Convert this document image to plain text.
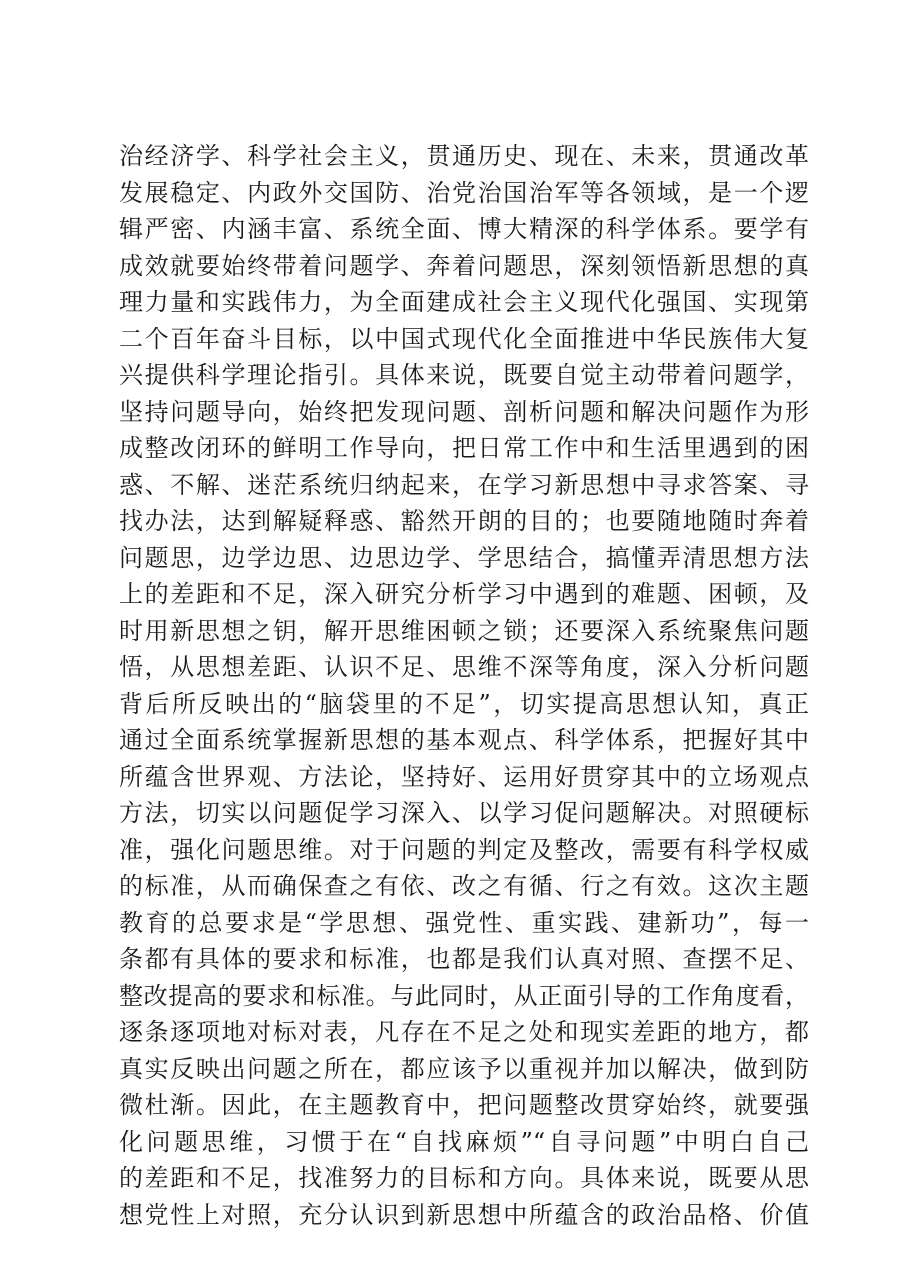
治经济学、科学社会主义，贯通历史、现在、未来，贯通改革
发展稳定、内政外交国防、治党治国治军等各领域，是一个逻
辑严密、内涵丰富、系统全面、博大精深的科学体系。要学有
成效就要始终带着问题学、奔着问题思，深刻领悟新思想的真
理力量和实践伟力，为全面建成社会主义现代化强国、实现第
二个百年奋斗目标，以中国式现代化全面推进中华民族伟大复
兴提供科学理论指引。具体来说，既要自觉主动带着问题学，
坚持问题导向，始终把发现问题、剖析问题和解决问题作为形
成整改闭环的鲜明工作导向，把日常工作中和生活里遇到的困
惑、不解、迷茫系统归纳起来，在学习新思想中寻求答案、寻
找办法，达到解疑释惑、豁然开朗的目的；也要随地随时奔着
问题思，边学边思、边思边学、学思结合，搞懂弄清思想方法
上的差距和不足，深入研究分析学习中遇到的难题、困顿，及
时用新思想之钥，解开思维困顿之锁；还要深入系统聚焦问题
悟，从思想差距、认识不足、思维不深等角度，深入分析问题
背后所反映出的“脑袋里的不足”，切实提高思想认知，真正
通过全面系统掌握新思想的基本观点、科学体系，把握好其中
所蕴含世界观、方法论，坚持好、运用好贯穿其中的立场观点
方法，切实以问题促学习深入、以学习促问题解决。对照硬标
准，强化问题思维。对于问题的判定及整改，需要有科学权威
的标准，从而确保查之有依、改之有循、行之有效。这次主题
教育的总要求是“学思想、强党性、重实践、建新功”，每一
条都有具体的要求和标准，也都是我们认真对照、查摆不足、
整改提高的要求和标准。与此同时，从正面引导的工作角度看，
逐条逐项地对标对表，凡存在不足之处和现实差距的地方，都
真实反映出问题之所在，都应该予以重视并加以解决，做到防
微杜渐。因此，在主题教育中，把问题整改贯穿始终，就要强
化问题思维，习惯于在“自找麻烦”“自寻问题”中明白自己
的差距和不足，找准努力的目标和方向。具体来说，既要从思
想党性上对照，充分认识到新思想中所蕴含的政治品格、价值
